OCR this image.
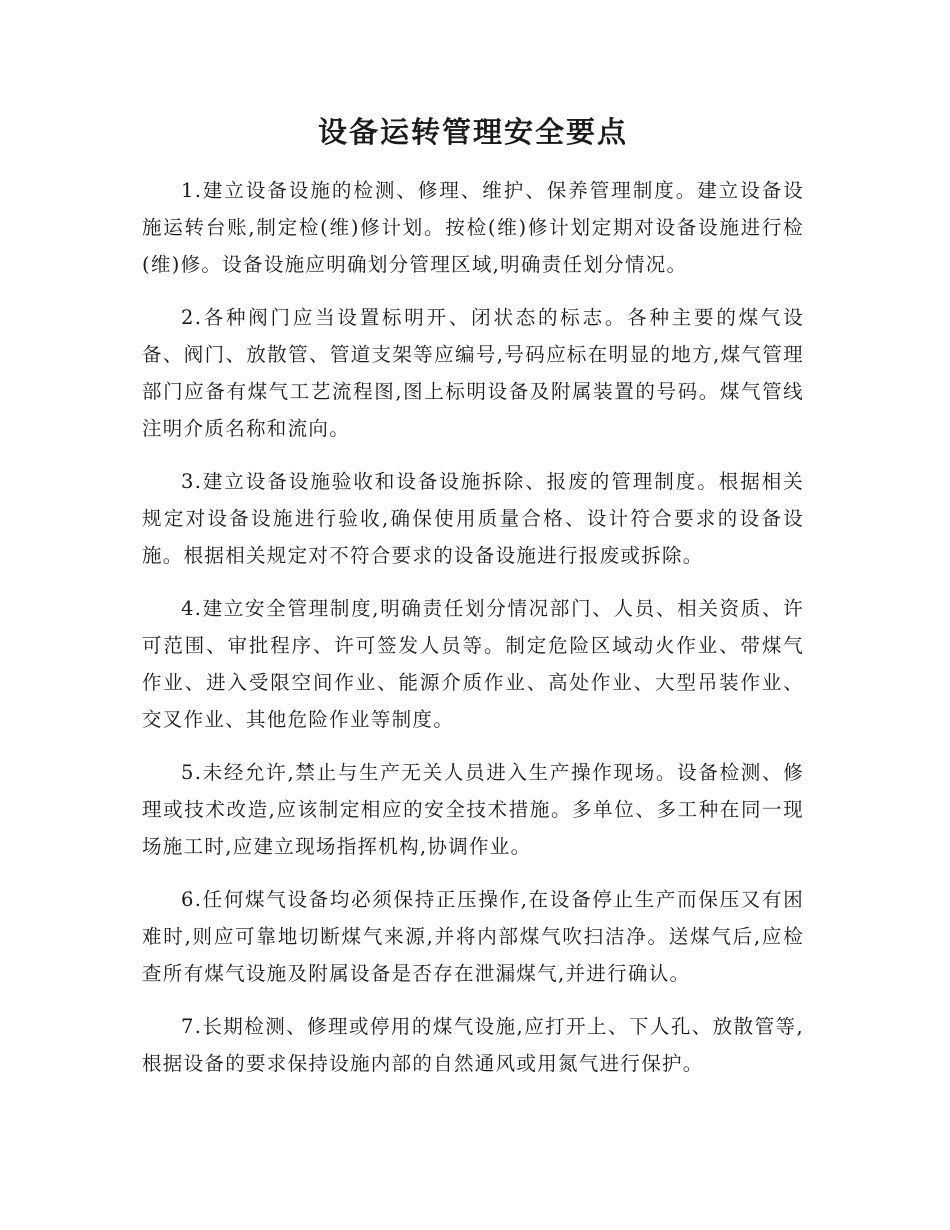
设备运转管理安全要点

1.建立设备设施的检测、修理、维护、保养管理制度。建立设备设施运转台账,制定检(维)修计划。按检(维)修计划定期对设备设施进行检(维)修。设备设施应明确划分管理区域,明确责任划分情况。

2.各种阀门应当设置标明开、闭状态的标志。各种主要的煤气设备、阀门、放散管、管道支架等应编号,号码应标在明显的地方,煤气管理部门应备有煤气工艺流程图,图上标明设备及附属装置的号码。煤气管线注明介质名称和流向。

3.建立设备设施验收和设备设施拆除、报废的管理制度。根据相关规定对设备设施进行验收,确保使用质量合格、设计符合要求的设备设施。根据相关规定对不符合要求的设备设施进行报废或拆除。

4.建立安全管理制度,明确责任划分情况部门、人员、相关资质、许可范围、审批程序、许可签发人员等。制定危险区域动火作业、带煤气作业、进入受限空间作业、能源介质作业、高处作业、大型吊装作业、交叉作业、其他危险作业等制度。

5.未经允许,禁止与生产无关人员进入生产操作现场。设备检测、修理或技术改造,应该制定相应的安全技术措施。多单位、多工种在同一现场施工时,应建立现场指挥机构,协调作业。

6.任何煤气设备均必须保持正压操作,在设备停止生产而保压又有困难时,则应可靠地切断煤气来源,并将内部煤气吹扫洁净。送煤气后,应检查所有煤气设施及附属设备是否存在泄漏煤气,并进行确认。

7.长期检测、修理或停用的煤气设施,应打开上、下人孔、放散管等,根据设备的要求保持设施内部的自然通风或用氮气进行保护。
